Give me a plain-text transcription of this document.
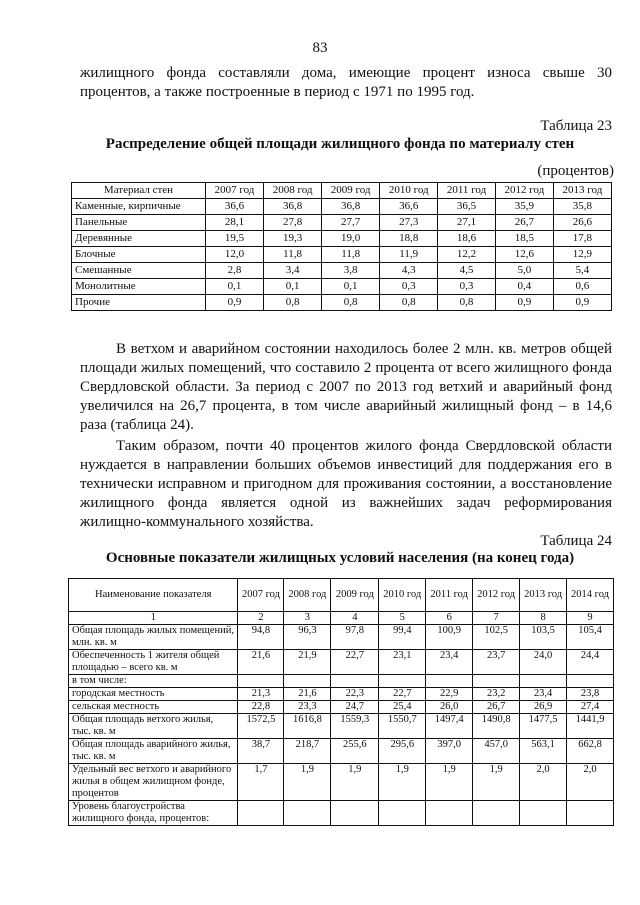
83

жилищного фонда составляли дома, имеющие процент износа свыше 30 процентов, а также построенные в период с 1971 по 1995 год.

Таблица 23
Распределение общей площади жилищного фонда по материалу стен
(процентов)
Материал стен	2007 год	2008 год	2009 год	2010 год	2011 год	2012 год	2013 год
Каменные, кирпичные	36,6	36,8	36,8	36,6	36,5	35,9	35,8
Панельные	28,1	27,8	27,7	27,3	27,1	26,7	26,6
Деревянные	19,5	19,3	19,0	18,8	18,6	18,5	17,8
Блочные	12,0	11,8	11,8	11,9	12,2	12,6	12,9
Смешанные	2,8	3,4	3,8	4,3	4,5	5,0	5,4
Монолитные	0,1	0,1	0,1	0,3	0,3	0,4	0,6
Прочие	0,9	0,8	0,8	0,8	0,8	0,9	0,9

В ветхом и аварийном состоянии находилось более 2 млн. кв. метров общей площади жилых помещений, что составило 2 процента от всего жилищного фонда Свердловской области. За период с 2007 по 2013 год ветхий и аварийный фонд увеличился на 26,7 процента, в том числе аварийный жилищный фонд – в 14,6 раза (таблица 24).

Таким образом, почти 40 процентов жилого фонда Свердловской области нуждается в направлении больших объемов инвестиций для поддержания его в технически исправном и пригодном для проживания состоянии, а восстановление жилищного фонда является одной из важнейших задач реформирования жилищно-коммунального хозяйства.

Таблица 24
Основные показатели жилищных условий населения (на конец года)
Наименование показателя	2007 год	2008 год	2009 год	2010 год	2011 год	2012 год	2013 год	2014 год
1	2	3	4	5	6	7	8	9
Общая площадь жилых помещений, млн. кв. м	94,8	96,3	97,8	99,4	100,9	102,5	103,5	105,4
Обеспеченность 1 жителя общей площадью – всего кв. м	21,6	21,9	22,7	23,1	23,4	23,7	24,0	24,4
в том числе:								
городская местность	21,3	21,6	22,3	22,7	22,9	23,2	23,4	23,8
сельская местность	22,8	23,3	24,7	25,4	26,0	26,7	26,9	27,4
Общая площадь ветхого жилья, тыс. кв. м	1572,5	1616,8	1559,3	1550,7	1497,4	1490,8	1477,5	1441,9
Общая площадь аварийного жилья, тыс. кв. м	38,7	218,7	255,6	295,6	397,0	457,0	563,1	662,8
Удельный вес ветхого и аварийного жилья в общем жилищном фонде, процентов	1,7	1,9	1,9	1,9	1,9	1,9	2,0	2,0
Уровень благоустройства жилищного фонда, процентов:								
